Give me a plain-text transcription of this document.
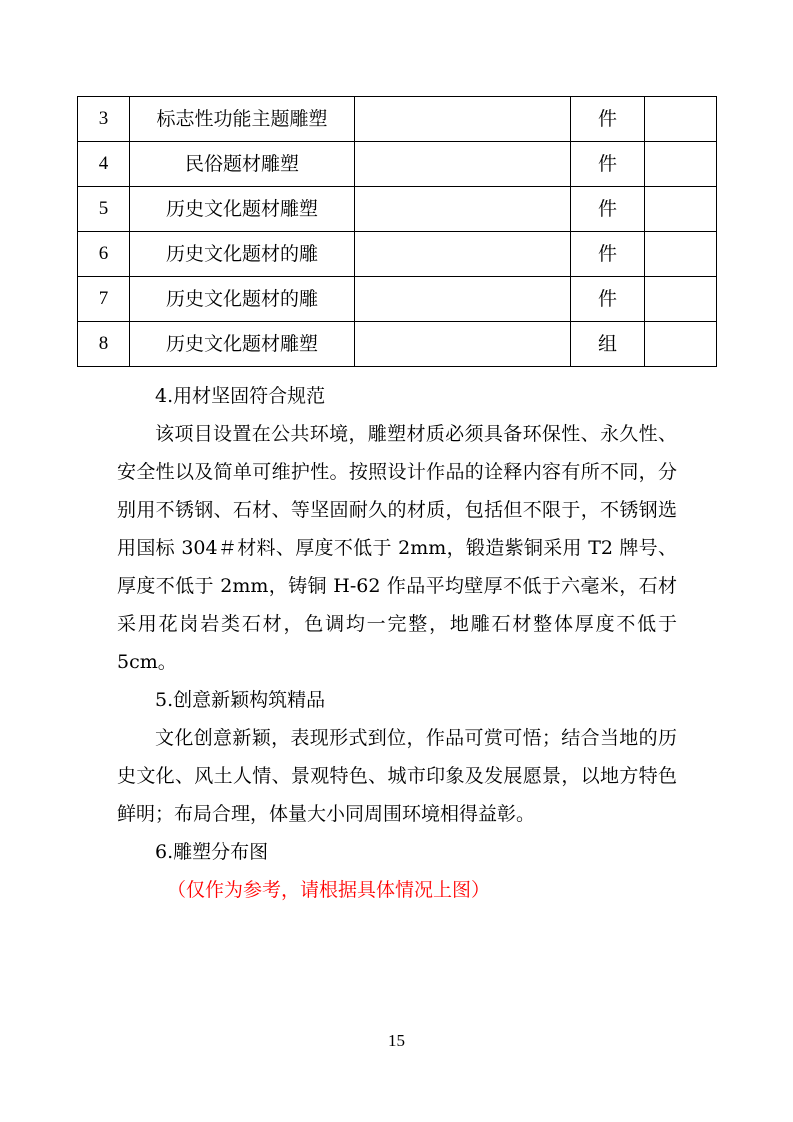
3	标志性功能主题雕塑		件	
4	民俗题材雕塑		件	
5	历史文化题材雕塑		件	
6	历史文化题材的雕		件	
7	历史文化题材的雕		件	
8	历史文化题材雕塑		组	

4.用材坚固符合规范

该项目设置在公共环境，雕塑材质必须具备环保性、永久性、安全性以及简单可维护性。按照设计作品的诠释内容有所不同，分别用不锈钢、石材、等坚固耐久的材质，包括但不限于，不锈钢选用国标 304＃材料、厚度不低于 2mm，锻造紫铜采用 T2 牌号、厚度不低于 2mm，铸铜 H-62 作品平均壁厚不低于六毫米，石材采用花岗岩类石材，色调均一完整，地雕石材整体厚度不低于 5cm。

5.创意新颖构筑精品

文化创意新颖，表现形式到位，作品可赏可悟；结合当地的历史文化、风土人情、景观特色、城市印象及发展愿景，以地方特色鲜明；布局合理，体量大小同周围环境相得益彰。

6.雕塑分布图

（仅作为参考，请根据具体情况上图）

15
